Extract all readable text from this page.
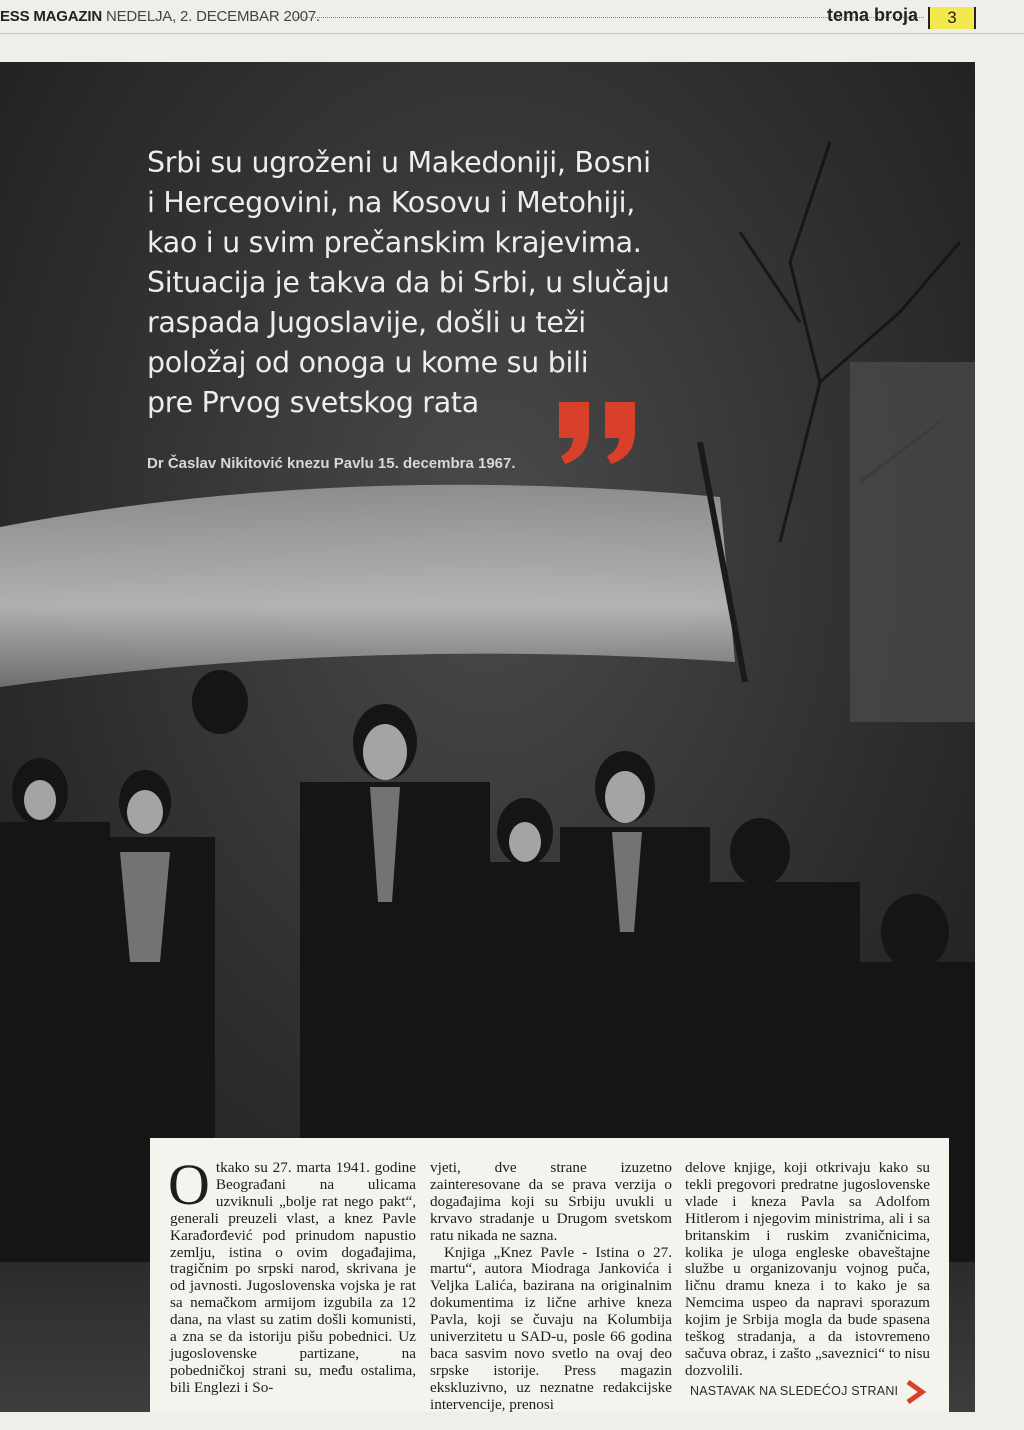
ESS MAGAZIN NEDELJA, 2. DECEMBAR 2007.	tema broja	3
Srbi su ugroženi u Makedoniji, Bosni
i Hercegovini, na Kosovu i Metohiji,
kao i u svim prečanskim krajevima.
Situacija je takva da bi Srbi, u slučaju
raspada Jugoslavije, došli u teži
položaj od onoga u kome su bili
pre Prvog svetskog rata
Dr Časlav Nikitović knezu Pavlu 15. decembra 1967.

Otkako su 27. marta 1941. godine Beograđani na ulicama uzviknuli „bolje rat nego pakt“, generali preuzeli vlast, a knez Pavle Karađorđević pod prinudom napustio zemlju, istina o ovim događajima, tragičnim po srpski narod, skrivana je od javnosti. Jugoslovenska vojska je rat sa nemačkom armijom izgubila za 12 dana, na vlast su zatim došli komunisti, a zna se da istoriju pišu pobednici. Uz jugoslovenske partizane, na pobedničkoj strani su, među ostalima, bili Englezi i So-

vjeti, dve strane izuzetno zainteresovane da se prava verzija o događajima koji su Srbiju uvukli u krvavo stradanje u Drugom svetskom ratu nikada ne sazna.

Knjiga „Knez Pavle - Istina o 27. martu“, autora Miodraga Jankovića i Veljka Lalića, bazirana na originalnim dokumentima iz lične arhive kneza Pavla, koji se čuvaju na Kolumbija univerzitetu u SAD-u, posle 66 godina baca sasvim novo svetlo na ovaj deo srpske istorije. Press magazin ekskluzivno, uz neznatne redakcijske intervencije, prenosi

delove knjige, koji otkrivaju kako su tekli pregovori predratne jugoslovenske vlade i kneza Pavla sa Adolfom Hitlerom i njegovim ministrima, ali i sa britanskim i ruskim zvaničnicima, kolika je uloga engleske obaveštajne službe u organizovanju vojnog puča, ličnu dramu kneza i to kako je sa Nemcima uspeo da napravi sporazum kojim je Srbija mogla da bude spasena teškog stradanja, a da istovremeno sačuva obraz, i zašto „saveznici“ to nisu dozvolili.

NASTAVAK NA SLEDEĆOJ STRANI
